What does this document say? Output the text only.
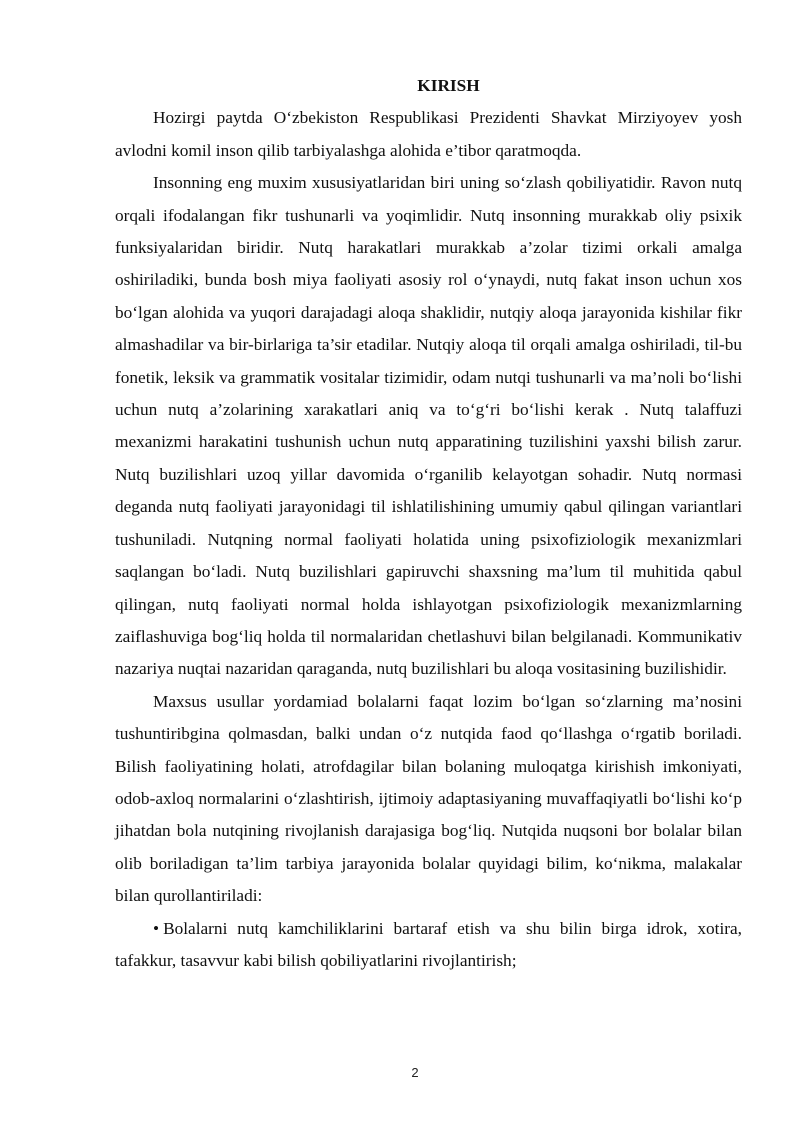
KIRISH

Hozirgi paytda O‘zbekiston Respublikasi Prezidenti Shavkat Mirziyoyev yosh avlodni komil inson qilib tarbiyalashga alohida e’tibor qaratmoqda.

Insonning eng muxim xususiyatlaridan biri uning so‘zlash qobiliyatidir. Ravon nutq orqali ifodalangan fikr tushunarli va yoqimlidir. Nutq insonning murakkab oliy psixik funksiyalaridan biridir. Nutq harakatlari murakkab a’zolar tizimi orkali amalga oshiriladiki, bunda bosh miya faoliyati asosiy rol o‘ynaydi, nutq fakat inson uchun xos bo‘lgan alohida va yuqori darajadagi aloqa shaklidir, nutqiy aloqa jarayonida kishilar fikr almashadilar va bir-birlariga ta’sir etadilar. Nutqiy aloqa til orqali amalga oshiriladi, til-bu fonetik, leksik va grammatik vositalar tizimidir, odam nutqi tushunarli va ma’noli bo‘lishi uchun nutq a’zolarining xarakatlari aniq va to‘g‘ri bo‘lishi kerak . Nutq talaffuzi mexanizmi harakatini tushunish uchun nutq apparatining tuzilishini yaxshi bilish zarur. Nutq buzilishlari uzoq yillar davomida o‘rganilib kelayotgan sohadir. Nutq normasi deganda nutq faoliyati jarayonidagi til ishlatilishining umumiy qabul qilingan variantlari tushuniladi. Nutqning normal faoliyati holatida uning psixofiziologik mexanizmlari saqlangan bo‘ladi. Nutq buzilishlari gapiruvchi shaxsning ma’lum til muhitida qabul qilingan, nutq faoliyati normal holda ishlayotgan psixofiziologik mexanizmlarning zaiflashuviga bog‘liq holda til normalaridan chetlashuvi bilan belgilanadi. Kommunikativ nazariya nuqtai nazaridan qaraganda, nutq buzilishlari bu aloqa vositasining buzilishidir.

Maxsus usullar yordamiad bolalarni faqat lozim bo‘lgan so‘zlarning ma’nosini tushuntiribgina qolmasdan, balki undan o‘z nutqida faod qo‘llashga o‘rgatib boriladi. Bilish faoliyatining holati, atrofdagilar bilan bolaning muloqatga kirishish imkoniyati, odob-axloq normalarini o‘zlashtirish, ijtimoiy adaptasiyaning muvaffaqiyatli bo‘lishi ko‘p jihatdan bola nutqining rivojlanish darajasiga bog‘liq. Nutqida nuqsoni bor bolalar bilan olib boriladigan ta’lim tarbiya jarayonida bolalar quyidagi bilim, ko‘nikma, malakalar bilan qurollantiriladi:

• Bolalarni nutq kamchiliklarini bartaraf etish va shu bilin birga idrok, xotira, tafakkur, tasavvur kabi bilish qobiliyatlarini rivojlantirish;

2
